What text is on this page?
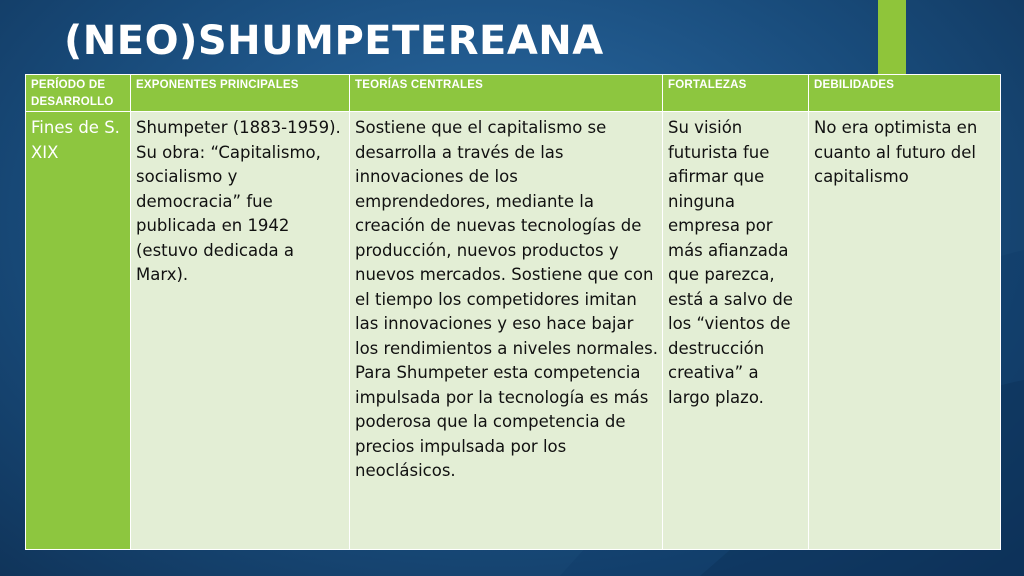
(NEO)SHUMPETEREANA
PERÍODO DE DESARROLLO	EXPONENTES PRINCIPALES	TEORÍAS CENTRALES	FORTALEZAS	DEBILIDADES
Fines de S. XIX	Shumpeter (1883-1959). Su obra: “Capitalismo, socialismo y democracia” fue publicada en 1942 (estuvo dedicada a Marx).	Sostiene que el capitalismo se desarrolla a través de las innovaciones de los emprendedores, mediante la creación de nuevas tecnologías de producción, nuevos productos y nuevos mercados. Sostiene que con el tiempo los competidores imitan las innovaciones y eso hace bajar los rendimientos a niveles normales. Para Shumpeter esta competencia impulsada por la tecnología es más poderosa que la competencia de precios impulsada por los neoclásicos.	Su visión futurista fue afirmar que ninguna empresa por más afianzada que parezca, está a salvo de los “vientos de destrucción creativa” a largo plazo.	No era optimista en cuanto al futuro del capitalismo
